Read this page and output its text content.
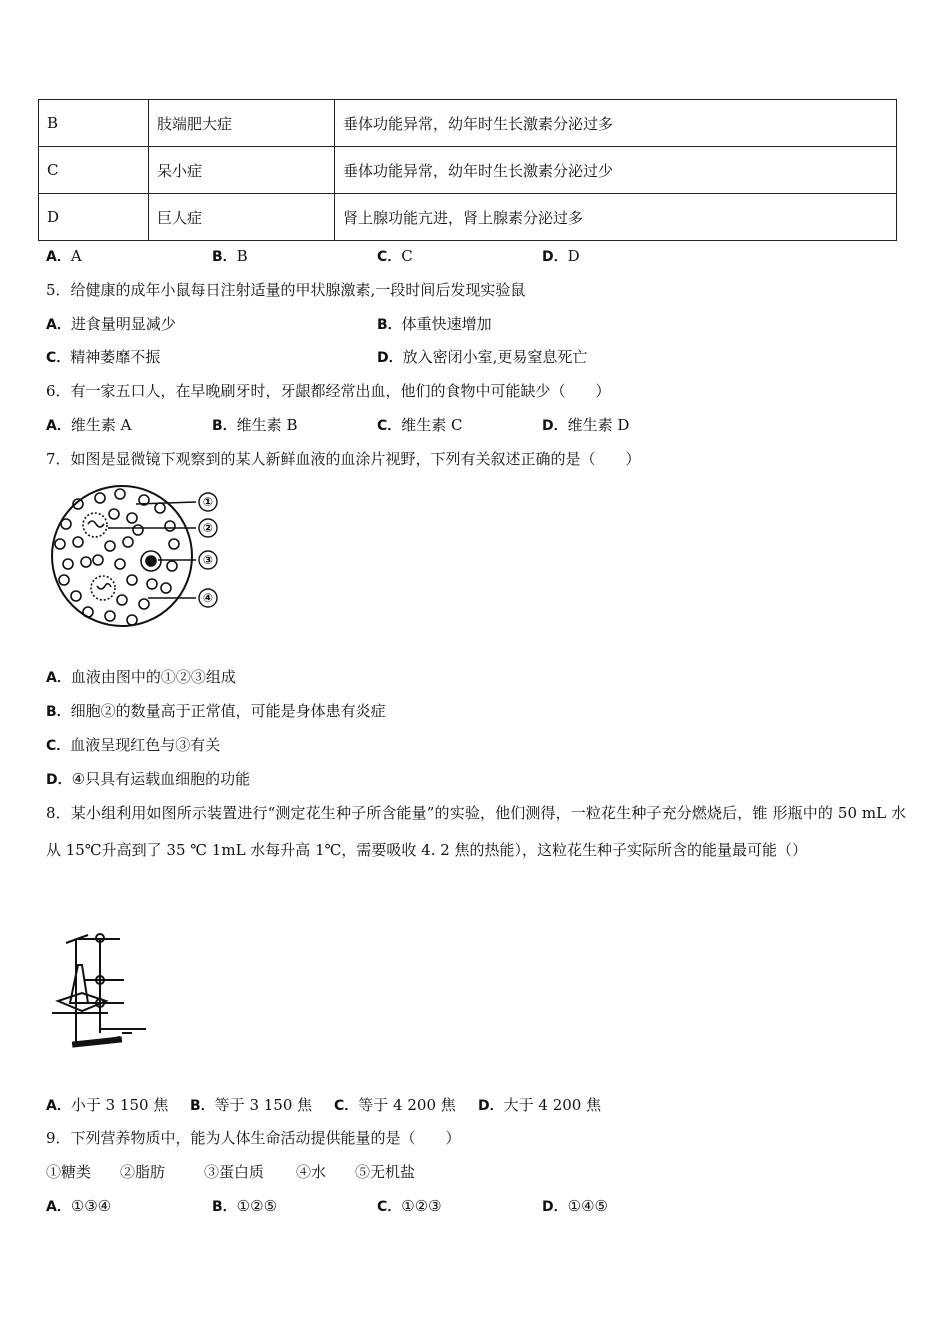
B	肢端肥大症	垂体功能异常，幼年时生长激素分泌过多
C	呆小症	垂体功能异常，幼年时生长激素分泌过少
D	巨人症	肾上腺功能亢进，肾上腺素分泌过多
A．A	B．B	C．C	D．D
5．给健康的成年小鼠每日注射适量的甲状腺激素,一段时间后发现实验鼠
A．进食量明显减少	B．体重快速增加
C．精神萎靡不振	D．放入密闭小室,更易窒息死亡
6．有一家五口人，在早晚刷牙时，牙龈都经常出血，他们的食物中可能缺少（　　）
A．维生素 A	B．维生素 B	C．维生素 C	D．维生素 D
7．如图是显微镜下观察到的某人新鲜血液的血涂片视野，下列有关叙述正确的是（　　）
①
②
③
④
A．血液由图中的①②③组成
B．细胞②的数量高于正常值，可能是身体患有炎症
C．血液呈现红色与③有关
D．④只具有运载血细胞的功能
8．某小组利用如图所示装置进行“测定花生种子所含能量”的实验，他们测得，一粒花生种子充分燃烧后，锥 形瓶中的 50 mL 水从 15℃升高到了 35 ℃ 1mL 水每升高 1℃，需要吸收 4. 2 焦的热能），这粒花生种子实际所含的能量最可能（）
A．小于 3 150 焦 B．等于 3 150 焦 C．等于 4 200 焦 D．大于 4 200 焦
9．下列营养物质中，能为人体生命活动提供能量的是（　　）
①糖类 ②脂肪	③蛋白质 ④水 ⑤无机盐
A．①③④	B．①②⑤	C．①②③	D．①④⑤
